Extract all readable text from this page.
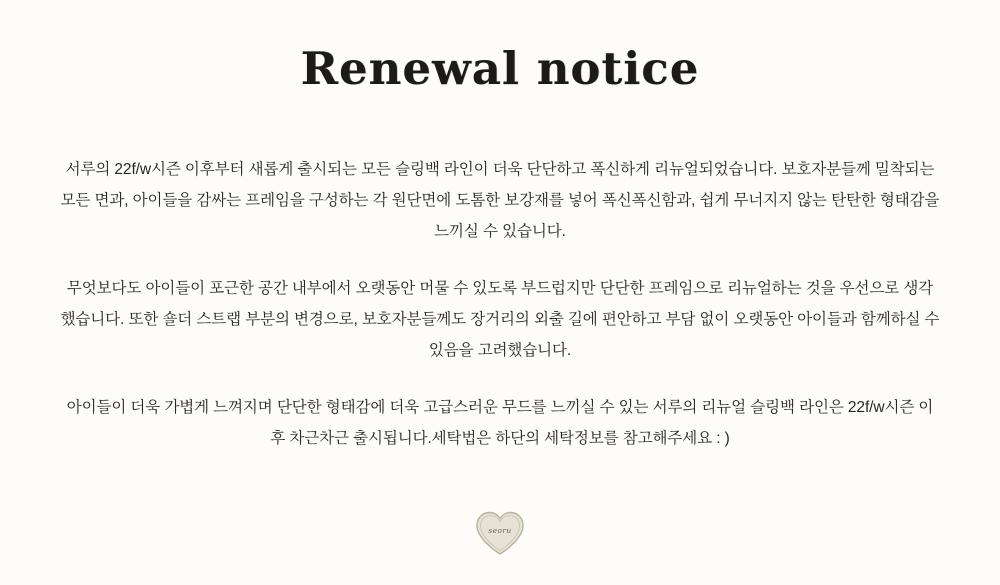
Renewal notice

서루의 22f/w시즌 이후부터 새롭게 출시되는 모든 슬링백 라인이 더욱 단단하고 폭신하게 리뉴얼되었습니다. 보호자분들께 밀착되는 모든 면과, 아이들을 감싸는 프레임을 구성하는 각 원단면에 도톰한 보강재를 넣어 폭신폭신함과, 쉽게 무너지지 않는 탄탄한 형태감을 느끼실 수 있습니다.

무엇보다도 아이들이 포근한 공간 내부에서 오랫동안 머물 수 있도록 부드럽지만 단단한 프레임으로 리뉴얼하는 것을 우선으로 생각했습니다. 또한 숄더 스트랩 부분의 변경으로, 보호자분들께도 장거리의 외출 길에 편안하고 부담 없이 오랫동안 아이들과 함께하실 수 있음을 고려했습니다.

아이들이 더욱 가볍게 느껴지며 단단한 형태감에 더욱 고급스러운 무드를 느끼실 수 있는 서루의 리뉴얼 슬링백 라인은 22f/w시즌 이후 차근차근 출시됩니다.세탁법은 하단의 세탁정보를 참고해주세요 : )

seoru
